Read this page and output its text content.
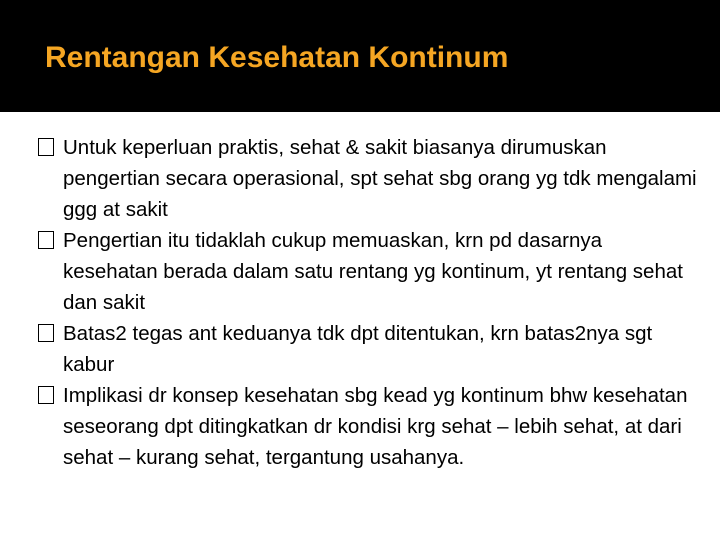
Rentangan Kesehatan Kontinum
Untuk keperluan praktis, sehat & sakit biasanya dirumuskan pengertian secara operasional, spt sehat sbg orang yg tdk mengalami ggg at sakit
Pengertian itu tidaklah cukup memuaskan, krn pd dasarnya kesehatan berada dalam satu rentang yg kontinum, yt rentang sehat dan sakit
Batas2 tegas ant keduanya tdk dpt ditentukan, krn batas2nya sgt kabur
Implikasi dr konsep kesehatan sbg kead yg kontinum bhw kesehatan seseorang dpt ditingkatkan dr kondisi krg sehat – lebih sehat, at dari sehat – kurang sehat, tergantung usahanya.
